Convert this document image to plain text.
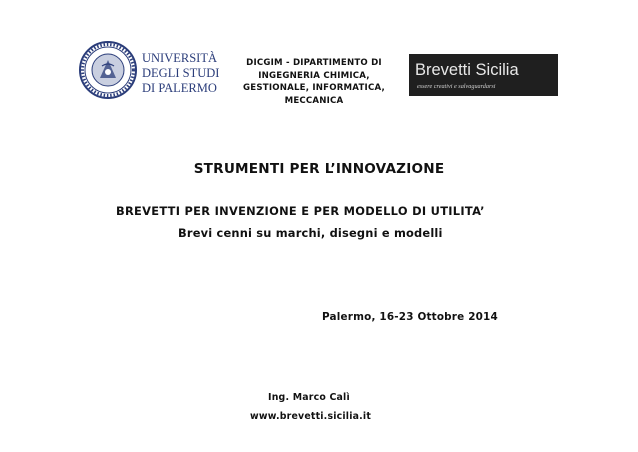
UNIVERSITÀ
DEGLI STUDI
DI PALERMO
DICGIM - DIPARTIMENTO DI
INGEGNERIA CHIMICA,
GESTIONALE, INFORMATICA,
MECCANICA
Brevetti Sicilia
essere creativi e salvaguardarsi
STRUMENTI PER L’INNOVAZIONE
BREVETTI PER INVENZIONE E PER MODELLO DI UTILITA’
Brevi cenni su marchi, disegni e modelli
Palermo, 16-23 Ottobre 2014
Ing. Marco Calì
www.brevetti.sicilia.it
